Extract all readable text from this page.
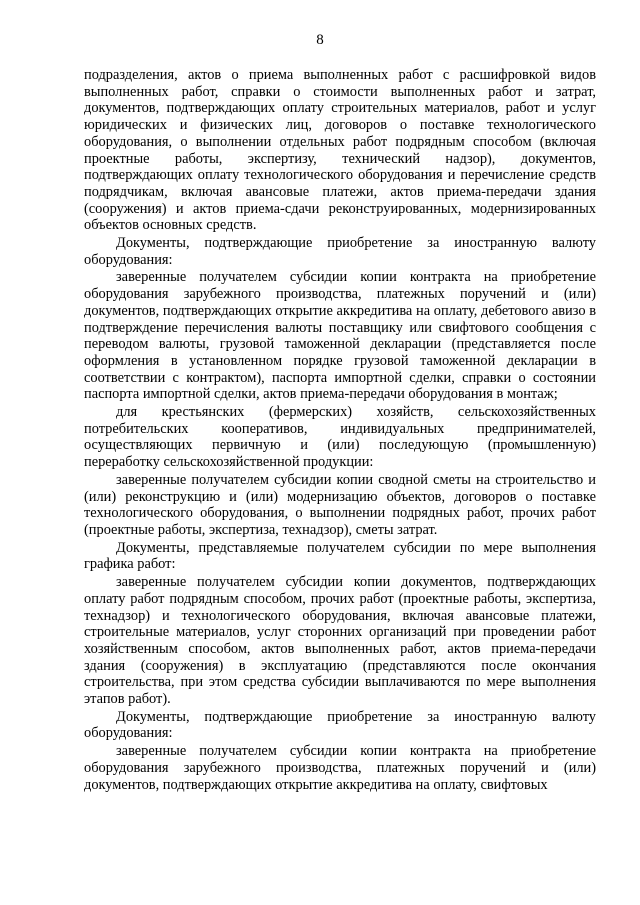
8

подразделения, актов о приема выполненных работ с расшифровкой видов выполненных работ, справки о стоимости выполненных работ и затрат, документов, подтверждающих оплату строительных материалов, работ и услуг юридических и физических лиц, договоров о поставке технологического оборудования, о выполнении отдельных работ подрядным способом (включая проектные работы, экспертизу, технический надзор), документов, подтверждающих оплату технологического оборудования и перечисление средств подрядчикам, включая авансовые платежи, актов приема-передачи здания (сооружения) и актов приема-сдачи реконструированных, модернизированных объектов основных средств.

Документы, подтверждающие приобретение за иностранную валюту оборудования:

заверенные получателем субсидии копии контракта на приобретение оборудования зарубежного производства, платежных поручений и (или) документов, подтверждающих открытие аккредитива на оплату, дебетового авизо в подтверждение перечисления валюты поставщику или свифтового сообщения с переводом валюты, грузовой таможенной декларации (представляется после оформления в установленном порядке грузовой таможенной декларации в соответствии с контрактом), паспорта импортной сделки, справки о состоянии паспорта импортной сделки, актов приема-передачи оборудования в монтаж;

для крестьянских (фермерских) хозяйств, сельскохозяйственных потребительских кооперативов, индивидуальных предпринимателей, осуществляющих первичную и (или) последующую (промышленную) переработку сельскохозяйственной продукции:

заверенные получателем субсидии копии сводной сметы на строительство и (или) реконструкцию и (или) модернизацию объектов, договоров о поставке технологического оборудования, о выполнении подрядных работ, прочих работ (проектные работы, экспертиза, технадзор), сметы затрат.

Документы, представляемые получателем субсидии по мере выполнения графика работ:

заверенные получателем субсидии копии документов, подтверждающих оплату работ подрядным способом, прочих работ (проектные работы, экспертиза, технадзор) и технологического оборудования, включая авансовые платежи, строительные материалов, услуг сторонних организаций при проведении работ хозяйственным способом, актов выполненных работ, актов приема-передачи здания (сооружения) в эксплуатацию (представляются после окончания строительства, при этом средства субсидии выплачиваются по мере выполнения этапов работ).

Документы, подтверждающие приобретение за иностранную валюту оборудования:

заверенные получателем субсидии копии контракта на приобретение оборудования зарубежного производства, платежных поручений и (или) документов, подтверждающих открытие аккредитива на оплату, свифтовых
